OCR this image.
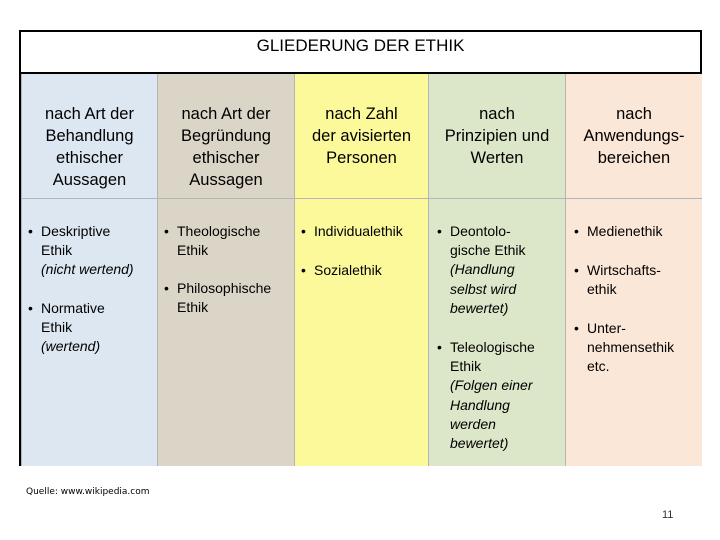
GLIEDERUNG DER ETHIK

nach Art der
Behandlung
ethischer
Aussagen

• Deskriptive
Ethik
(nicht wertend)
• Normative
Ethik
(wertend)

nach Art der
Begründung
ethischer
Aussagen

• Theologische
Ethik
• Philosophische
Ethik

nach Zahl
der avisierten
Personen

• Individualethik
• Sozialethik

nach
Prinzipien und
Werten

• Deontolo-
gische Ethik
(Handlung
selbst wird
bewertet)
• Teleologische
Ethik
(Folgen einer
Handlung
werden
bewertet)

nach
Anwendungs-
bereichen

• Medienethik
• Wirtschafts-
ethik
• Unter-
nehmensethik
etc.
Quelle: www.wikipedia.com
11
